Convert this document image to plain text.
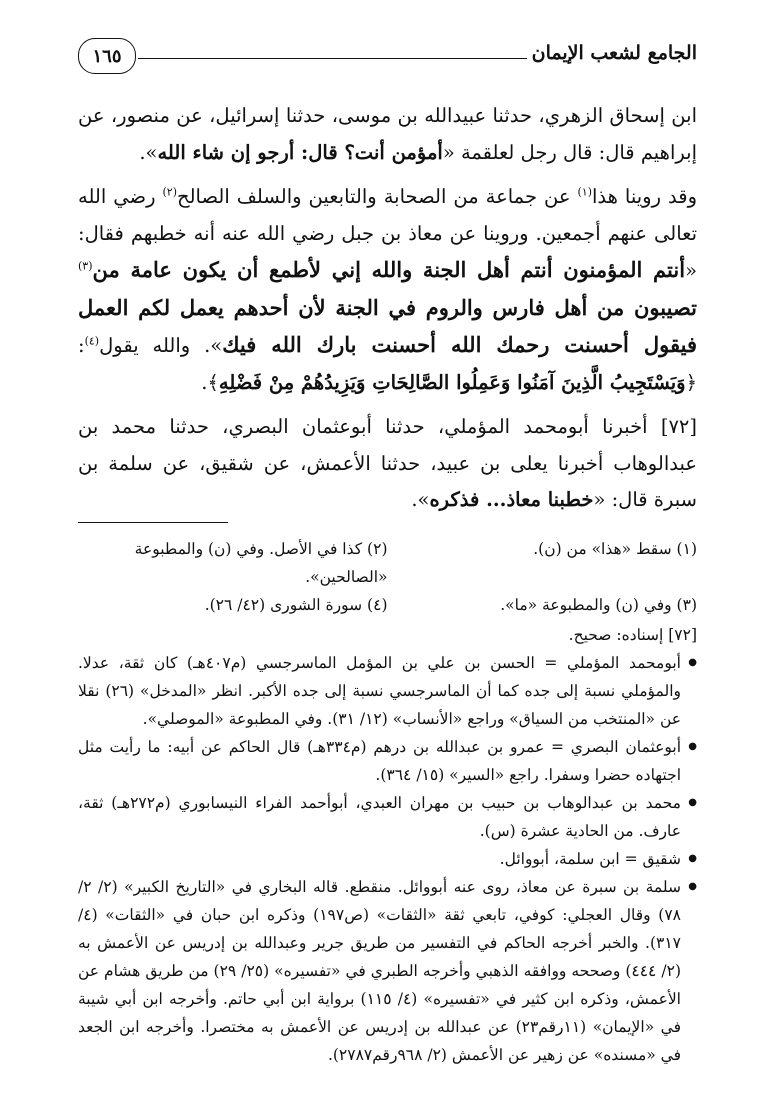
الجامع لشعب الإيمان
١٦٥

ابن إسحاق الزهري، حدثنا عبيدالله بن موسى، حدثنا إسرائيل، عن منصور، عن إبراهيم قال: قال رجل لعلقمة «أمؤمن أنت؟ قال: أرجو إن شاء الله».

وقد روينا هذا$^{(١)}$ عن جماعة من الصحابة والتابعين والسلف الصالح$^{(٢)}$ رضي الله تعالى عنهم أجمعين. وروينا عن معاذ بن جبل رضي الله عنه أنه خطبهم فقال: «أنتم المؤمنون أنتم أهل الجنة والله إني لأطمع أن يكون عامة من$^{(٣)}$ تصيبون من أهل فارس والروم في الجنة لأن أحدهم يعمل لكم العمل فيقول أحسنت رحمك الله أحسنت بارك الله فيك». والله يقول$^{(٤)}$: ﴿وَيَسْتَجِيبُ الَّذِينَ آمَنُوا وَعَمِلُوا الصَّالِحَاتِ وَيَزِيدُهُمْ مِنْ فَضْلِهِ﴾.

[٧٢] أخبرنا أبومحمد المؤملي، حدثنا أبوعثمان البصري، حدثنا محمد بن عبدالوهاب أخبرنا يعلى بن عبيد، حدثنا الأعمش، عن شقيق، عن سلمة بن سبرة قال: «خطبنا معاذ... فذكره».

(١) سقط «هذا» من (ن).
(٢) كذا في الأصل. وفي (ن) والمطبوعة «الصالحين».
(٣) وفي (ن) والمطبوعة «ما».
(٤) سورة الشورى (٤٢/ ٢٦).
[٧٢] إسناده: صحيح.
● أبومحمد المؤملي = الحسن بن علي بن المؤمل الماسرجسي (م٤٠٧هـ) كان ثقة، عدلا. والمؤملي نسبة إلى جده كما أن الماسرجسي نسبة إلى جده الأكبر. انظر «المدخل» (٢٦) نقلا عن «المنتخب من السياق» وراجع «الأنساب» (١٢/ ٣١). وفي المطبوعة «الموصلي».
● أبوعثمان البصري = عمرو بن عبدالله بن درهم (م٣٣٤هـ) قال الحاكم عن أبيه: ما رأيت مثل اجتهاده حضرا وسفرا. راجع «السير» (١٥/ ٣٦٤).
● محمد بن عبدالوهاب بن حبيب بن مهران العبدي، أبوأحمد الفراء النيسابوري (م٢٧٢هـ) ثقة، عارف. من الحادية عشرة (س).
● شقيق = ابن سلمة، أبووائل.
● سلمة بن سبرة عن معاذ، روى عنه أبووائل. منقطع. قاله البخاري في «التاريخ الكبير» (٢/ ٢/ ٧٨) وقال العجلي: كوفي، تابعي ثقة «الثقات» (ص١٩٧) وذكره ابن حبان في «الثقات» (٤/ ٣١٧). والخبر أخرجه الحاكم في التفسير من طريق جرير وعبدالله بن إدريس عن الأعمش به (٢/ ٤٤٤) وصححه ووافقه الذهبي وأخرجه الطبري في «تفسيره» (٢٥/ ٢٩) من طريق هشام عن الأعمش، وذكره ابن كثير في «تفسيره» (٤/ ١١٥) برواية ابن أبي حاتم. وأخرجه ابن أبي شيبة في «الإيمان» (١١رقم٢٣) عن عبدالله بن إدريس عن الأعمش به مختصرا. وأخرجه ابن الجعد في «مسنده» عن زهير عن الأعمش (٢/ ٩٦٨رقم٢٧٨٧).
